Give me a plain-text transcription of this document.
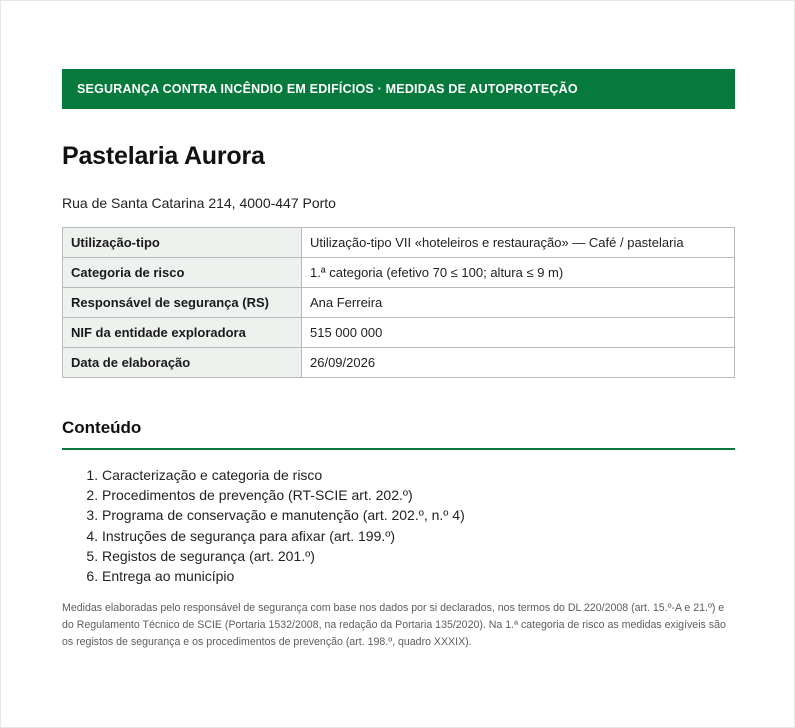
SEGURANÇA CONTRA INCÊNDIO EM EDIFÍCIOS · MEDIDAS DE AUTOPROTEÇÃO
Pastelaria Aurora
Rua de Santa Catarina 214, 4000-447 Porto
Utilização-tipo	Utilização-tipo VII «hoteleiros e restauração» — Café / pastelaria
Categoria de risco	1.ª categoria (efetivo 70 ≤ 100; altura ≤ 9 m)
Responsável de segurança (RS)	Ana Ferreira
NIF da entidade exploradora	515 000 000
Data de elaboração	26/09/2026
Conteúdo
1. Caracterização e categoria de risco
2. Procedimentos de prevenção (RT-SCIE art. 202.º)
3. Programa de conservação e manutenção (art. 202.º, n.º 4)
4. Instruções de segurança para afixar (art. 199.º)
5. Registos de segurança (art. 201.º)
6. Entrega ao município

Medidas elaboradas pelo responsável de segurança com base nos dados por si declarados, nos termos do DL 220/2008 (art. 15.º-A e 21.º) e do Regulamento Técnico de SCIE (Portaria 1532/2008, na redação da Portaria 135/2020). Na 1.ª categoria de risco as medidas exigíveis são os registos de segurança e os procedimentos de prevenção (art. 198.º, quadro XXXIX).
